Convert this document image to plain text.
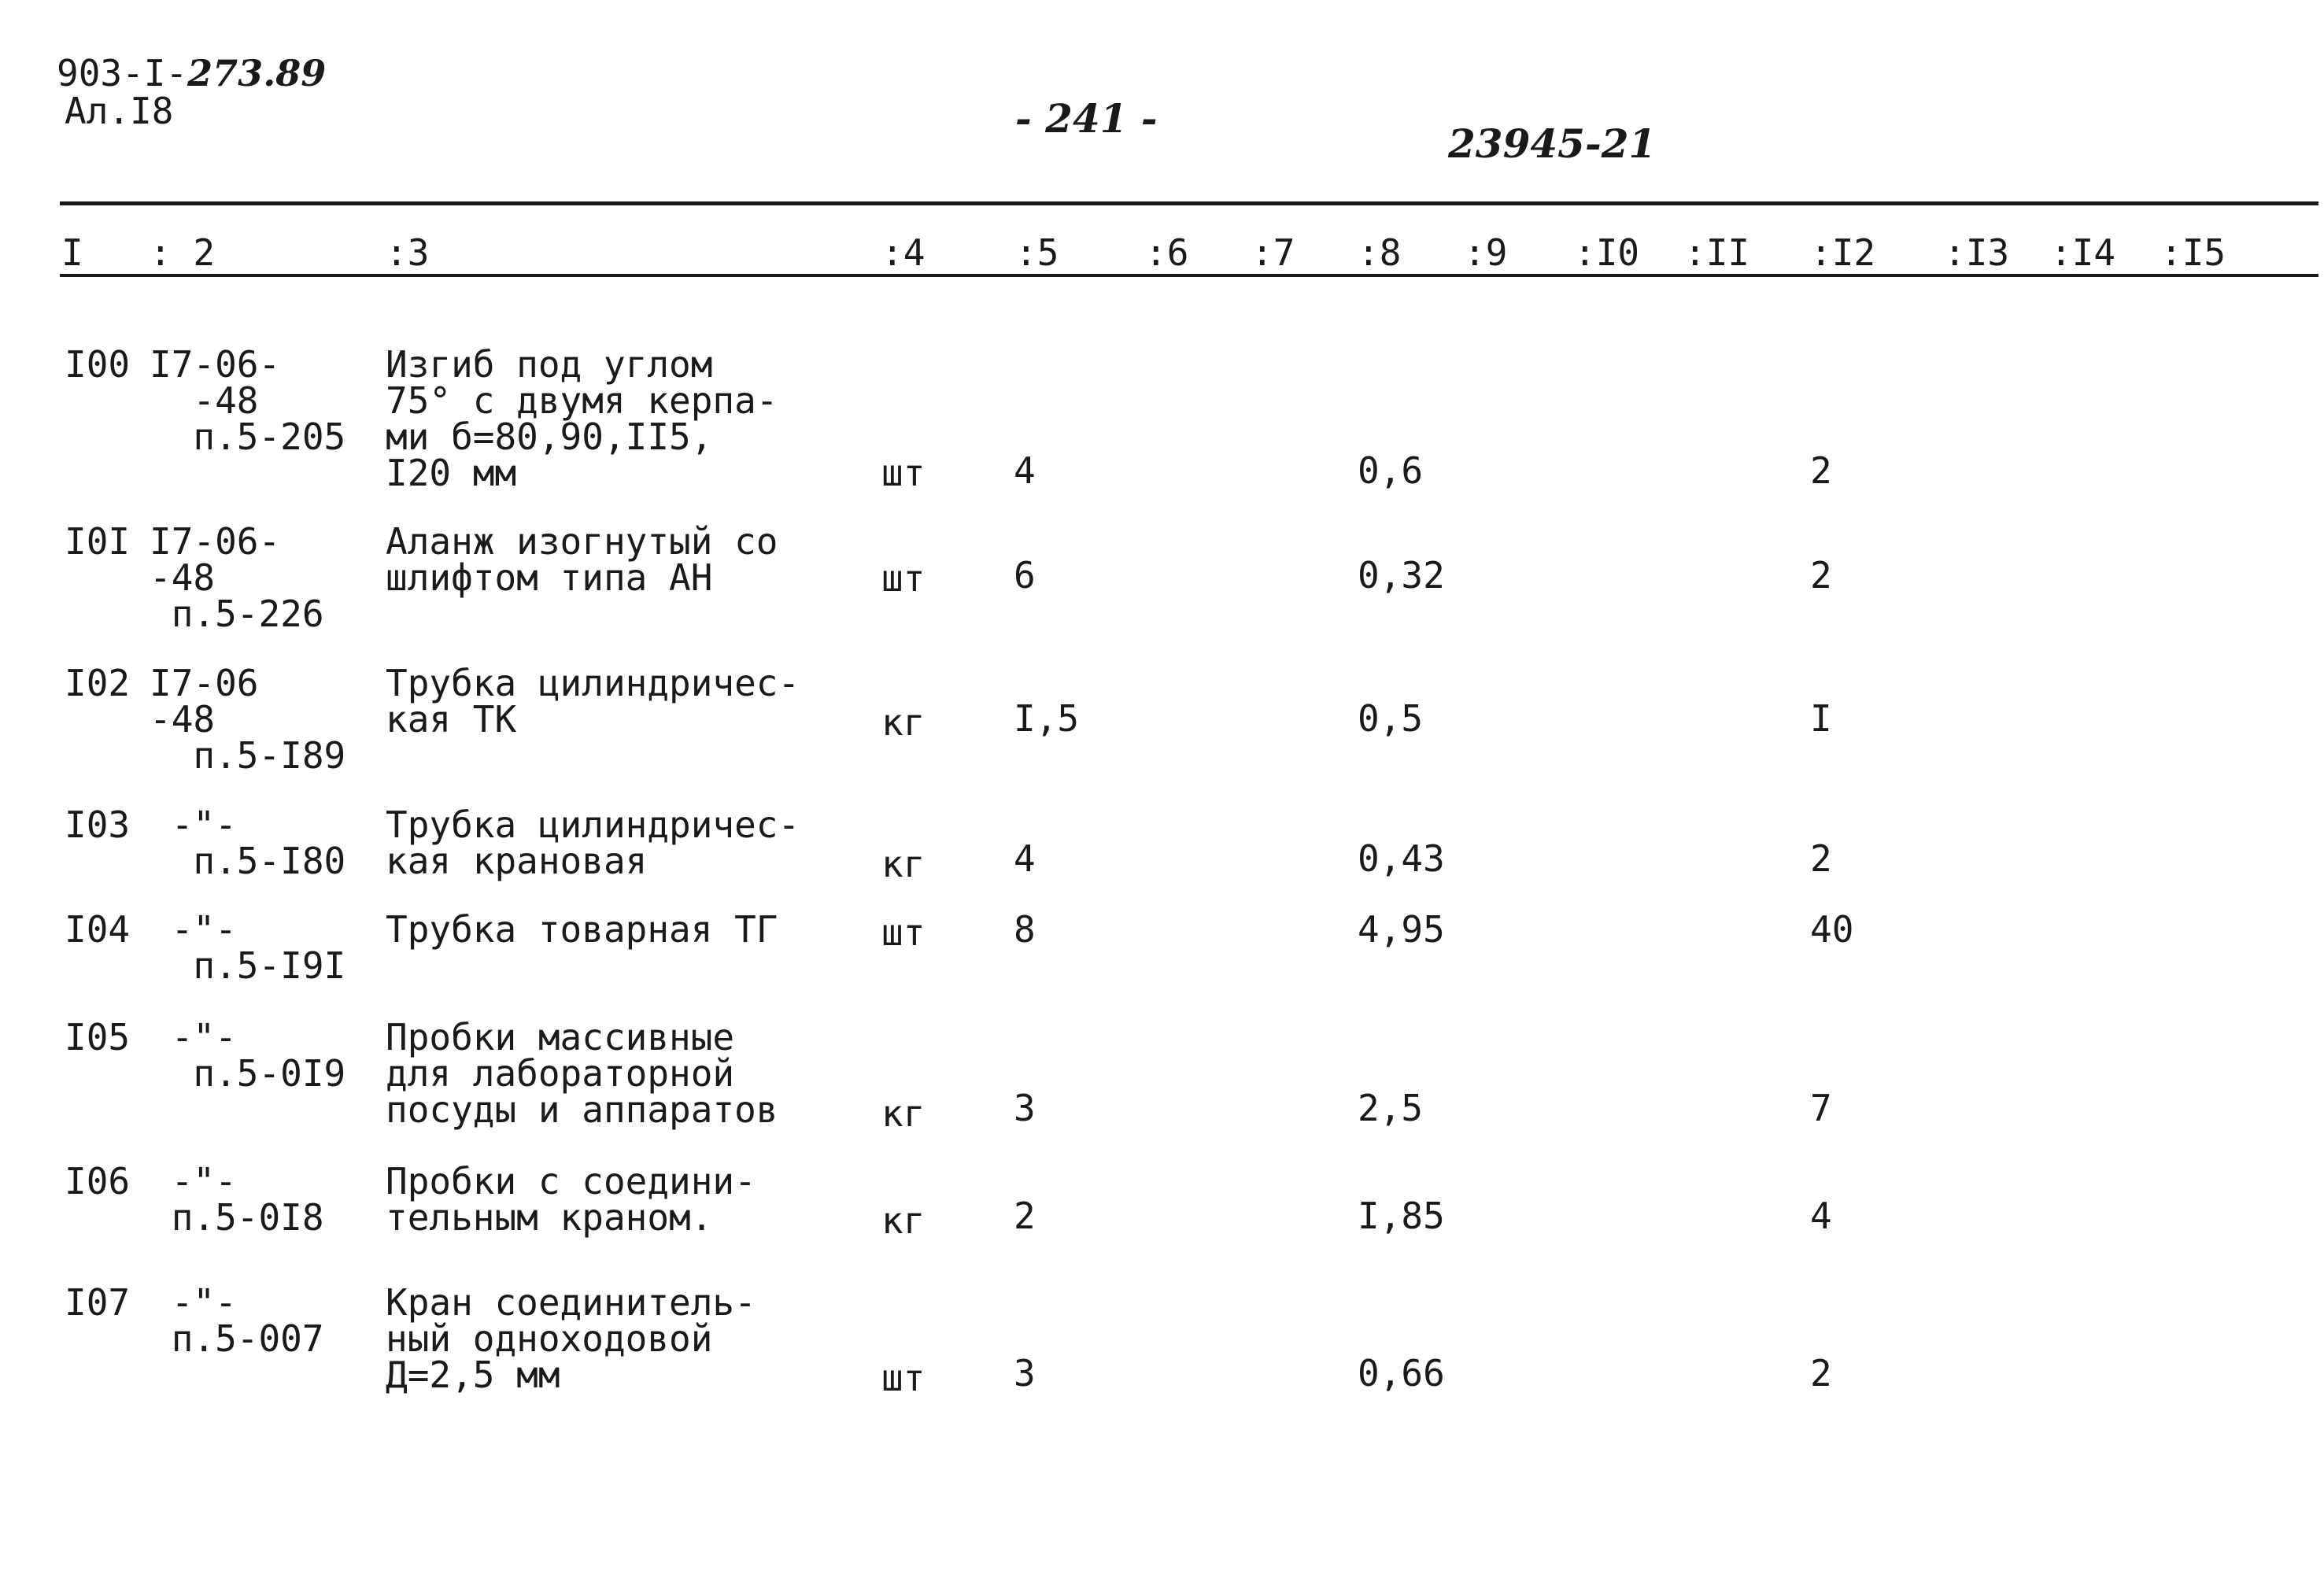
903-I-273.89
Ал.I8	- 241 -
23945-21
I : 2	:3	:4 :5 :6 :7 :8 :9 :I0 :II :I2 :I3 :I4 :I5
I00 I7-06-
-48
п.5-205
Изгиб под углом
75° с двумя керпа-
ми б=80,90,II5,
I20 мм	шт 4	0,6	2
I0I I7-06-
-48
п.5-226
Аланж изогнутый со
шлифтом типа АН	шт 6	0,32	2
I02 I7-06
-48
п.5-I89
Трубка цилиндричес-
кая ТК	кг I,5	0,5	I
I03	-"-
п.5-I80
Трубка цилиндричес-
кая крановая	кг 4	0,43	2
I04	-"-
п.5-I9I
Трубка товарная ТГ	шт 8	4,95	40
I05	-"-
п.5-0I9
Пробки массивные
для лабораторной
посуды и аппаратов	кг 3	2,5	7
I06	-"-
п.5-0I8
Пробки с соедини-
тельным краном.	кг 2	I,85	4
I07	-"-
п.5-007
Кран соединитель-
ный одноходовой
Д=2,5 мм	шт 3	0,66	2
